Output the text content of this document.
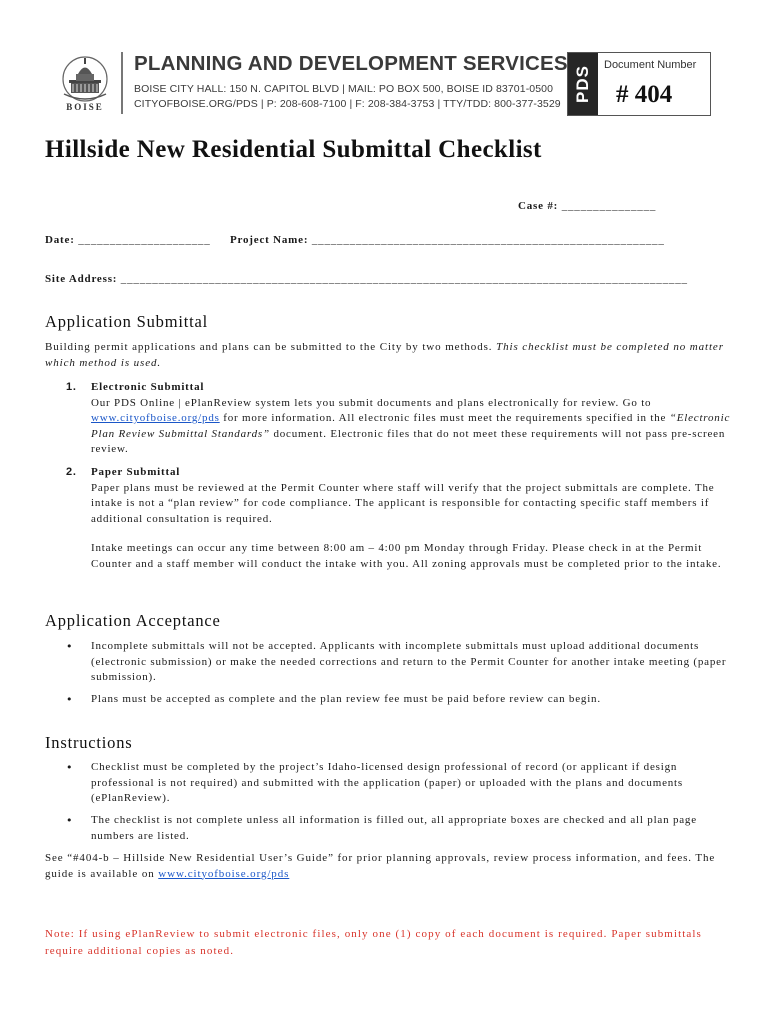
BOISE
PLANNING AND DEVELOPMENT SERVICES
BOISE CITY HALL: 150 N. CAPITOL BLVD | MAIL: PO BOX 500, BOISE ID 83701-0500
CITYOFBOISE.ORG/PDS | P: 208-608-7100 | F: 208-384-3753 | TTY/TDD: 800-377-3529
PDS
Document Number
# 404
Hillside New Residential Submittal Checklist
Case #: _______________
Date: _____________________ Project Name: ________________________________________________________
Site Address: __________________________________________________________________________________________
Application Submittal

Building permit applications and plans can be submitted to the City by two methods. This checklist must be completed no matter which method is used.

1. Electronic Submittal
Our PDS Online | ePlanReview system lets you submit documents and plans electronically for review. Go to www.cityofboise.org/pds for more information. All electronic files must meet the requirements specified in the “Electronic Plan Review Submittal Standards” document. Electronic files that do not meet these requirements will not pass pre-screen review.
2. Paper Submittal
Paper plans must be reviewed at the Permit Counter where staff will verify that the project submittals are complete. The intake is not a “plan review” for code compliance. The applicant is responsible for contacting specific staff members if additional consultation is required.

Intake meetings can occur any time between 8:00 am – 4:00 pm Monday through Friday. Please check in at the Permit Counter and a staff member will conduct the intake with you. All zoning approvals must be completed prior to the intake.

Application Acceptance
• Incomplete submittals will not be accepted. Applicants with incomplete submittals must upload additional documents (electronic submission) or make the needed corrections and return to the Permit Counter for another intake meeting (paper submission).
• Plans must be accepted as complete and the plan review fee must be paid before review can begin.
Instructions
• Checklist must be completed by the project’s Idaho-licensed design professional of record (or applicant if design professional is not required) and submitted with the application (paper) or uploaded with the plans and documents (ePlanReview).
• The checklist is not complete unless all information is filled out, all appropriate boxes are checked and all plan page numbers are listed.

See “#404-b – Hillside New Residential User’s Guide” for prior planning approvals, review process information, and fees. The guide is available on www.cityofboise.org/pds

Note: If using ePlanReview to submit electronic files, only one (1) copy of each document is required. Paper submittals require additional copies as noted.
